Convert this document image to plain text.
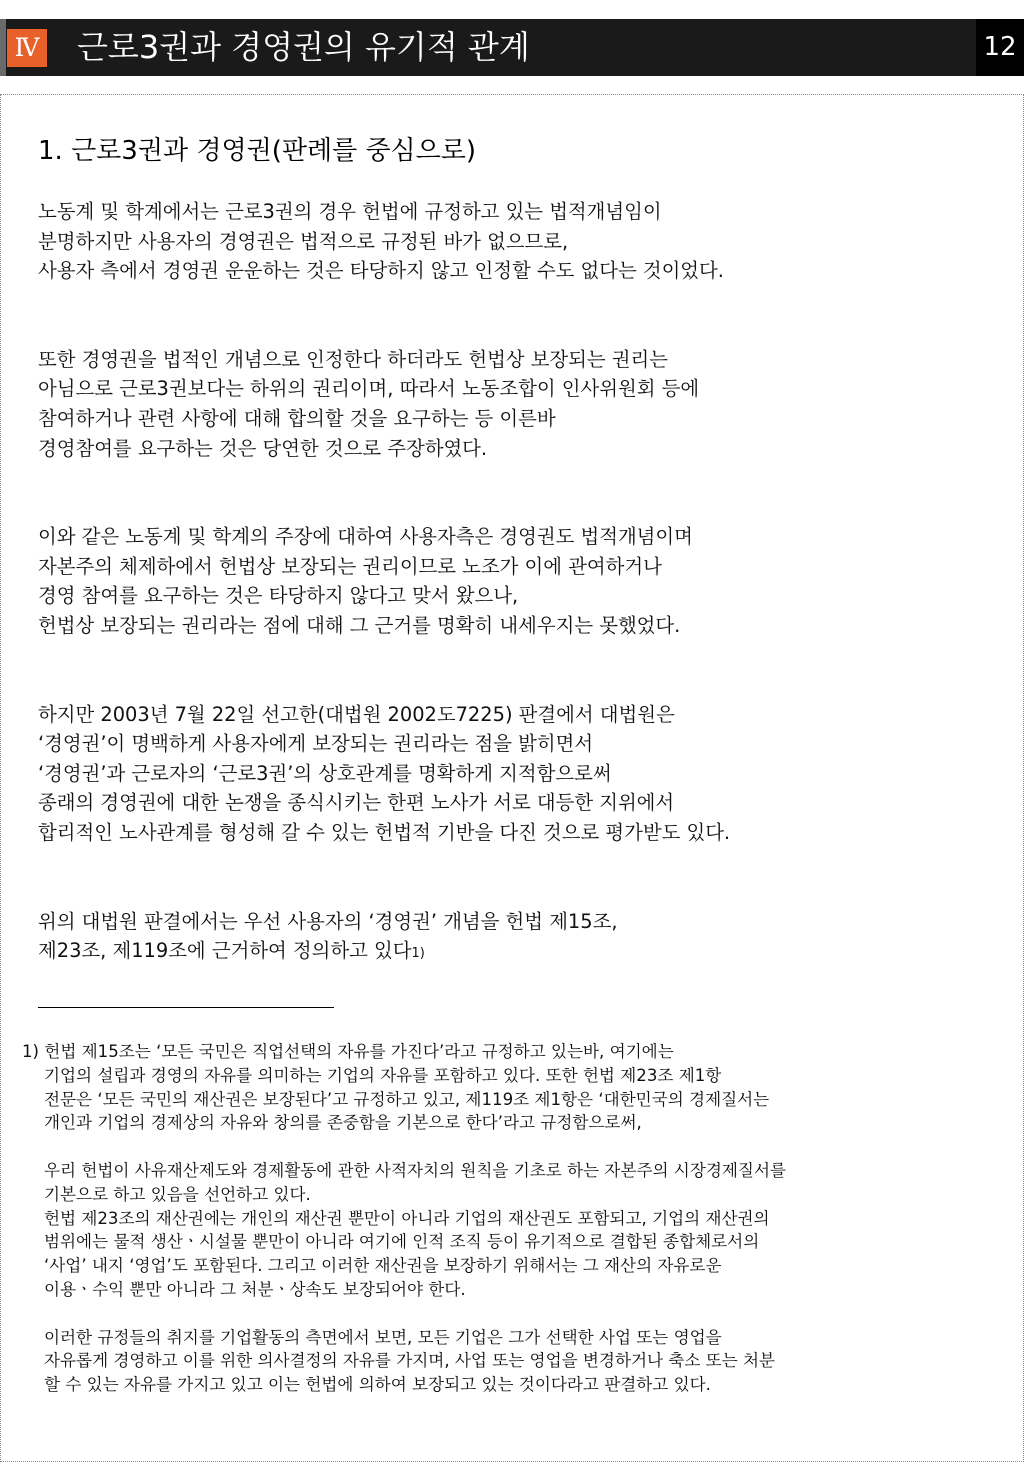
Ⅳ 근로3권과 경영권의 유기적 관계	12
1. 근로3권과 경영권(판례를 중심으로)

노동계 및 학계에서는 근로3권의 경우 헌법에 규정하고 있는 법적개념임이
분명하지만 사용자의 경영권은 법적으로 규정된 바가 없으므로,
사용자 측에서 경영권 운운하는 것은 타당하지 않고 인정할 수도 없다는 것이었다.

또한 경영권을 법적인 개념으로 인정한다 하더라도 헌법상 보장되는 권리는
아님으로 근로3권보다는 하위의 권리이며, 따라서 노동조합이 인사위원회 등에
참여하거나 관련 사항에 대해 합의할 것을 요구하는 등 이른바
경영참여를 요구하는 것은 당연한 것으로 주장하였다.

이와 같은 노동계 및 학계의 주장에 대하여 사용자측은 경영권도 법적개념이며
자본주의 체제하에서 헌법상 보장되는 권리이므로 노조가 이에 관여하거나
경영 참여를 요구하는 것은 타당하지 않다고 맞서 왔으나,
헌법상 보장되는 권리라는 점에 대해 그 근거를 명확히 내세우지는 못했었다.

하지만 2003년 7월 22일 선고한(대법원 2002도7225) 판결에서 대법원은
‘경영권’이 명백하게 사용자에게 보장되는 권리라는 점을 밝히면서
‘경영권’과 근로자의 ‘근로3권’의 상호관계를 명확하게 지적함으로써
종래의 경영권에 대한 논쟁을 종식시키는 한편 노사가 서로 대등한 지위에서
합리적인 노사관계를 형성해 갈 수 있는 헌법적 기반을 다진 것으로 평가받도 있다.

위의 대법원 판결에서는 우선 사용자의 ‘경영권’ 개념을 헌법 제15조,
제23조, 제119조에 근거하여 정의하고 있다1)

1) 헌법 제15조는 ‘모든 국민은 직업선택의 자유를 가진다’라고 규정하고 있는바, 여기에는
기업의 설립과 경영의 자유를 의미하는 기업의 자유를 포함하고 있다. 또한 헌법 제23조 제1항
전문은 ‘모든 국민의 재산권은 보장된다’고 규정하고 있고, 제119조 제1항은 ‘대한민국의 경제질서는
개인과 기업의 경제상의 자유와 창의를 존중함을 기본으로 한다’라고 규정함으로써,

우리 헌법이 사유재산제도와 경제활동에 관한 사적자치의 원칙을 기초로 하는 자본주의 시장경제질서를
기본으로 하고 있음을 선언하고 있다.
헌법 제23조의 재산권에는 개인의 재산권 뿐만이 아니라 기업의 재산권도 포함되고, 기업의 재산권의
범위에는 물적 생산ㆍ시설물 뿐만이 아니라 여기에 인적 조직 등이 유기적으로 결합된 종합체로서의
‘사업’ 내지 ‘영업’도 포함된다. 그리고 이러한 재산권을 보장하기 위해서는 그 재산의 자유로운
이용ㆍ수익 뿐만 아니라 그 처분ㆍ상속도 보장되어야 한다.

이러한 규정들의 취지를 기업활동의 측면에서 보면, 모든 기업은 그가 선택한 사업 또는 영업을
자유롭게 경영하고 이를 위한 의사결정의 자유를 가지며, 사업 또는 영업을 변경하거나 축소 또는 처분
할 수 있는 자유를 가지고 있고 이는 헌법에 의하여 보장되고 있는 것이다라고 판결하고 있다.
